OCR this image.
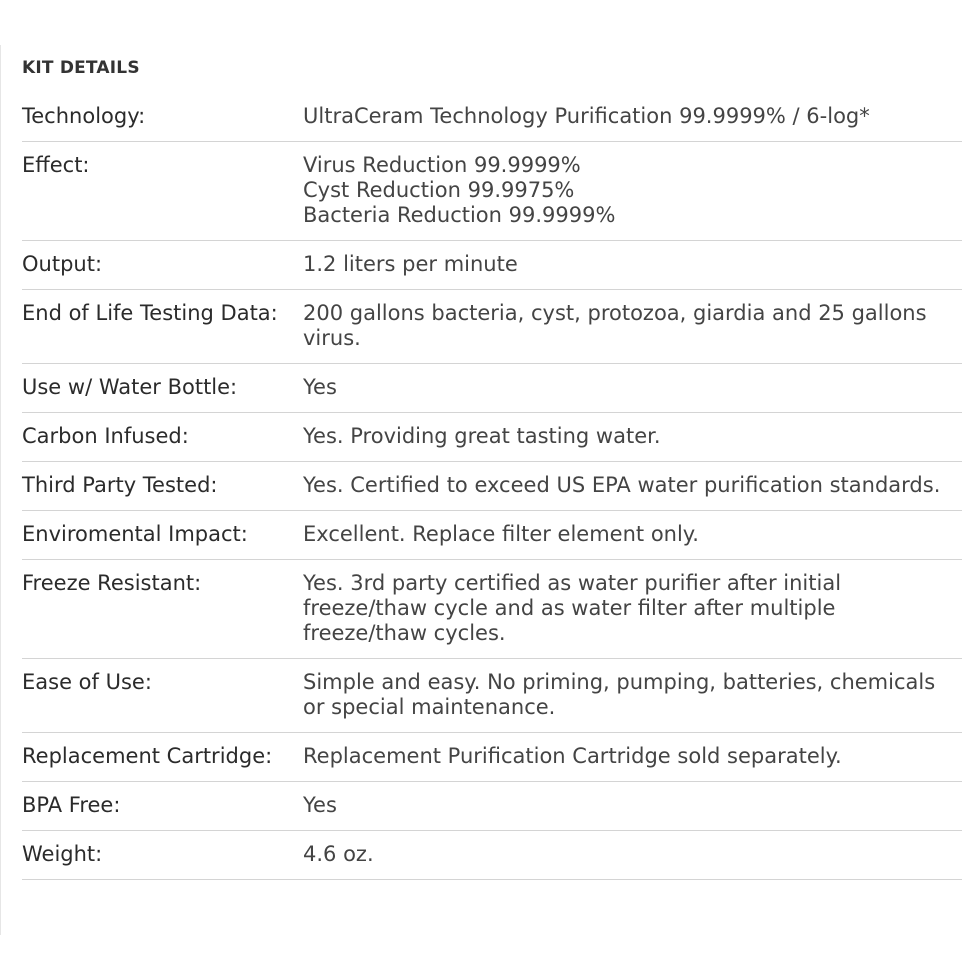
KIT DETAILS
Technology:	UltraCeram Technology Purification 99.9999% / 6-log*
Effect:	Virus Reduction 99.9999%
Cyst Reduction 99.9975%
Bacteria Reduction 99.9999%
Output:	1.2 liters per minute
End of Life Testing Data:	200 gallons bacteria, cyst, protozoa, giardia and 25 gallons virus.
Use w/ Water Bottle:	Yes
Carbon Infused:	Yes. Providing great tasting water.
Third Party Tested:	Yes. Certified to exceed US EPA water purification standards.
Enviromental Impact:	Excellent. Replace filter element only.
Freeze Resistant:	Yes. 3rd party certified as water purifier after initial freeze/thaw cycle and as water filter after multiple freeze/thaw cycles.
Ease of Use:	Simple and easy. No priming, pumping, batteries, chemicals or special maintenance.
Replacement Cartridge:	Replacement Purification Cartridge sold separately.
BPA Free:	Yes
Weight:	4.6 oz.
